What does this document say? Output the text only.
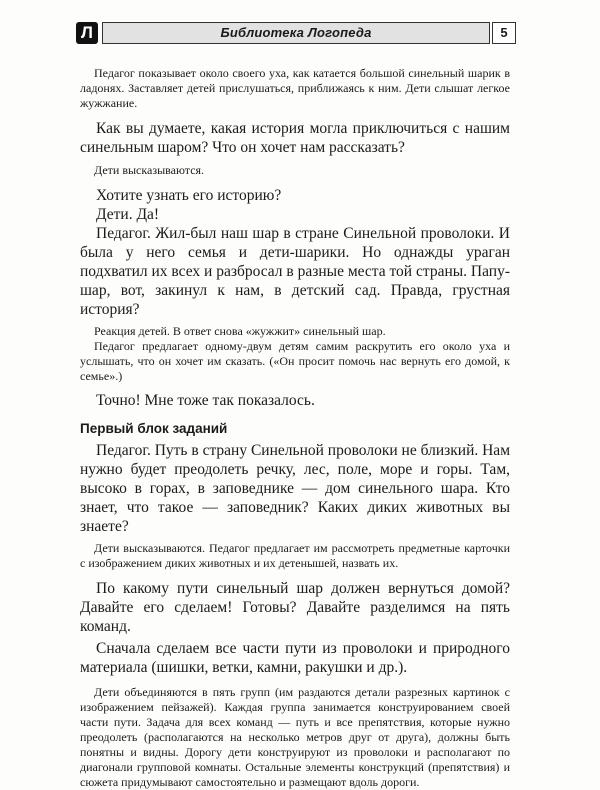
Л	Библиотека Логопеда	5

Педагог показывает около своего уха, как катается большой синельный шарик в ладонях. Заставляет детей прислушаться, приближаясь к ним. Дети слышат легкое жужжание.

Как вы думаете, какая история могла приключиться с нашим синельным шаром? Что он хочет нам рассказать?

Дети высказываются.

Хотите узнать его историю?

Дети. Да!

Педагог. Жил-был наш шар в стране Синельной проволоки. И была у него семья и дети-шарики. Но однажды ураган подхватил их всех и разбросал в разные места той страны. Папу-шар, вот, закинул к нам, в детский сад. Правда, грустная история?

Реакция детей. В ответ снова «жужжит» синельный шар.

Педагог предлагает одному-двум детям самим раскрутить его около уха и услышать, что он хочет им сказать. («Он просит помочь нас вернуть его домой, к семье».)

Точно! Мне тоже так показалось.

Первый блок заданий

Педагог. Путь в страну Синельной проволоки не близкий. Нам нужно будет преодолеть речку, лес, поле, море и горы. Там, высоко в горах, в заповеднике — дом синельного шара. Кто знает, что такое — заповедник? Каких диких животных вы знаете?

Дети высказываются. Педагог предлагает им рассмотреть предметные карточки с изображением диких животных и их детенышей, назвать их.

По какому пути синельный шар должен вернуться домой? Давайте его сделаем! Готовы? Давайте разделимся на пять команд.

Сначала сделаем все части пути из проволоки и природного материала (шишки, ветки, камни, ракушки и др.).

Дети объединяются в пять групп (им раздаются детали разрезных картинок с изображением пейзажей). Каждая группа занимается конструированием своей части пути. Задача для всех команд — путь и все препятствия, которые нужно преодолеть (располагаются на несколько метров друг от друга), должны быть понятны и видны. Дорогу дети конструируют из проволоки и располагают по диагонали групповой комнаты. Остальные элементы конструкций (препятствия) и сюжета придумывают самостоятельно и размещают вдоль дороги.
